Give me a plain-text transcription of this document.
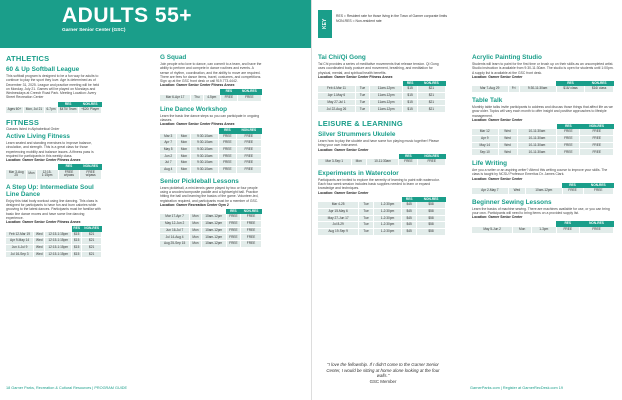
ADULTS 55+
Garner Senior Center (GSC)
ATHLETICS
60 & Up Softball League

This softball program is designed to be a fun way for adults to continue to play the sport they love. Age is determined as of December 31, 2025. League and practice meeting will be held on Monday, July 21. Games will be played on Mondays and Wednesdays at Creech Road Park. Meeting Location: Avery Street Recreation Center

			RES	NON-RES
Ages 60+	Mon, Jul 21	6-7pm	$475/ Team	+$20/ Player
FITNESS

Classes listed in Alphabetical Order

Active Living Fitness

Learn seated and standing exercises to improve balance, circulation, and strength. This is a great class for those experiencing mobility and balance issues. A fitness pass is required for participants in this weekly class.

Location: Garner Senior Center Fitness Annex

			RES	NON-RES
Mar 3-Aug 25	Mon	12:15-1:15pm	FREE w/pass	FREE w/pass
A Step Up: Intermediate Soul Line Dance

Enjoy this total body workout using line dancing. This class is designed for participants to have fun and burn calories while grooving to the latest dances. Participants must be familiar with basic line dance moves and have some line dancing experience.

Location: Garner Senior Center Fitness Annex

			RES	NON-RES
Feb 12-Mar 19	Wed	12:15-1:15pm	$15	$21
Apr 9-May 14	Wed	12:15-1:15pm	$15	$21
Jun 4-Jul 9	Wed	12:15-1:15pm	$15	$21
Jul 16-Sep 3	Wed	12:15-1:15pm	$15	$21
G Squad

Join people who love to dance, can commit to a team, and have the ability to perform and compete in dance routines and events. A sense of rhythm, coordination, and the ability to move are required. There are fees for dance items, travel, costumes, and competitions. Sign up at the GSC front desk or call 919.773.4442.

Location: Garner Senior Center Fitness Annex

			RES	NON-RES
Mar 6-Apr 17	Thu	4-5pm	FREE	FREE
Line Dance Workshop

Learn the basic line dance steps so you can participate in ongoing classes.

Location: Garner Senior Center Fitness Annex

			RES	NON-RES
Mar 3	Mon	9:30-10am	FREE	FREE
Apr 7	Mon	9:30-10am	FREE	FREE
May 5	Mon	9:30-10am	FREE	FREE
Jun 2	Mon	9:30-10am	FREE	FREE
Jul 7	Mon	9:30-10am	FREE	FREE
Aug 4	Mon	9:30-10am	FREE	FREE
Senior Pickleball Lessons

Learn pickleball, a mini-tennis game played by two or four people using a wooden/composite paddle and a lightweight ball. Practice hitting the ball and learning the basics of the game. Volunteer-led, registration required, and participants must be a member of GSC.

Location: Garner Recreation Center Gym 2

			RES	NON-RES
Mar 17-Apr 7	Mon	10am-12pm	FREE	FREE
May 12-Jun 2	Mon	10am-12pm	FREE	FREE
Jun 16-Jul 7	Mon	10am-12pm	FREE	FREE
Jul 14-Aug 4	Mon	10am-12pm	FREE	FREE
Aug 25-Sep 15	Mon	10am-12pm	FREE	FREE
KEY
RES = Resident rate for those living in the Town of Garner corporate limits
NON-RES = Non-resident rate
Tai Chi/Qi Gong

Tai Chi provides a series of meditative movements that release tension. Qi Gong uses coordinated body posture and movement, breathing, and meditation for physical, mental, and spiritual health benefits.

Location: Garner Senior Center Fitness Annex

			RES	NON-RES
Feb 4-Mar 11	Tue	11am-12pm	$15	$21
Apr 1-May 6	Tue	11am-12pm	$15	$21
May 27-Jul 1	Tue	11am-12pm	$15	$21
Jul 22-Aug 26	Tue	11am-12pm	$15	$21
LEISURE & LEARNING
Silver Strummers Ukulele

Learn how to play the ukulele and have some fun playing music together! Please bring your own instrument.

Location: Garner Senior Center

			RES	NON-RES
Mar 3-Sep 1	Mon	10-11:30am	FREE	FREE
Experiments in Watercolor

Participants are invited to explore the serenity of learning to paint with watercolor. Each four-week session includes basic supplies needed to learn or expand knowledge and techniques.

Location: Garner Senior Center

			RES	NON-RES
Mar 4-25	Tue	1-2:30pm	$45	$58
Apr 15-May 6	Tue	1-2:30pm	$45	$58
May 27-Jun 17	Tue	1-2:30pm	$45	$58
Jul 8-29	Tue	1-2:30pm	$45	$58
Aug 19-Sep 9	Tue	1-2:30pm	$45	$58
Acrylic Painting Studio

Students will learn to paint for the first time or brush up on their skills as an uncompleted artist. Studio instruction is available from 9:30-11:30am. The studio is open for students until 1:00pm. A supply list is available at the GSC front desk.

Location: Garner Senior Center

			RES	NON-RES
Mar 7-Aug 29	Fri	9:30-11:30am	$16/ class	$16/ class
Table Talk

Monthly table talks invite participants to address and discuss those things that affect life as we grow older. Topics will vary each month to offer insight and positive approaches to lifestyle management.

Location: Garner Senior Center

			RES	NON-RES
Mar 12	Wed	10-11:30am	FREE	FREE
Apr 9	Wed	10-11:30am	FREE	FREE
May 14	Wed	10-11:30am	FREE	FREE
Sep 10	Wed	10-11:30am	FREE	FREE
Life Writing

Are you a writer or an aspiring writer? Attend this writing course to improve your skills. The class is taught by NCSU Professor Emeritus Dr. James Clark.

Location: Garner Senior Center

			RES	NON-RES
Apr 2-May 7	Wed	10am-12pm	FREE	FREE
Beginner Sewing Lessons

Learn the basics of machine sewing. There are machines available for use, or you can bring your own. Participants will need to bring items on a provided supply list.

Location: Garner Senior Center

			RES	NON-RES
May 5-Jun 2	Mon	1-3pm	FREE	FREE

"I love the fellowship. If I didn't come to the Garner Senior Center, I would be sitting at home alone looking at the four walls."

GSC Member

18 Garner Parks, Recreation & Cultural Resources | PROGRAM GUIDE	GarnerParks.com | Register at GarnerRecDesk.com 19
